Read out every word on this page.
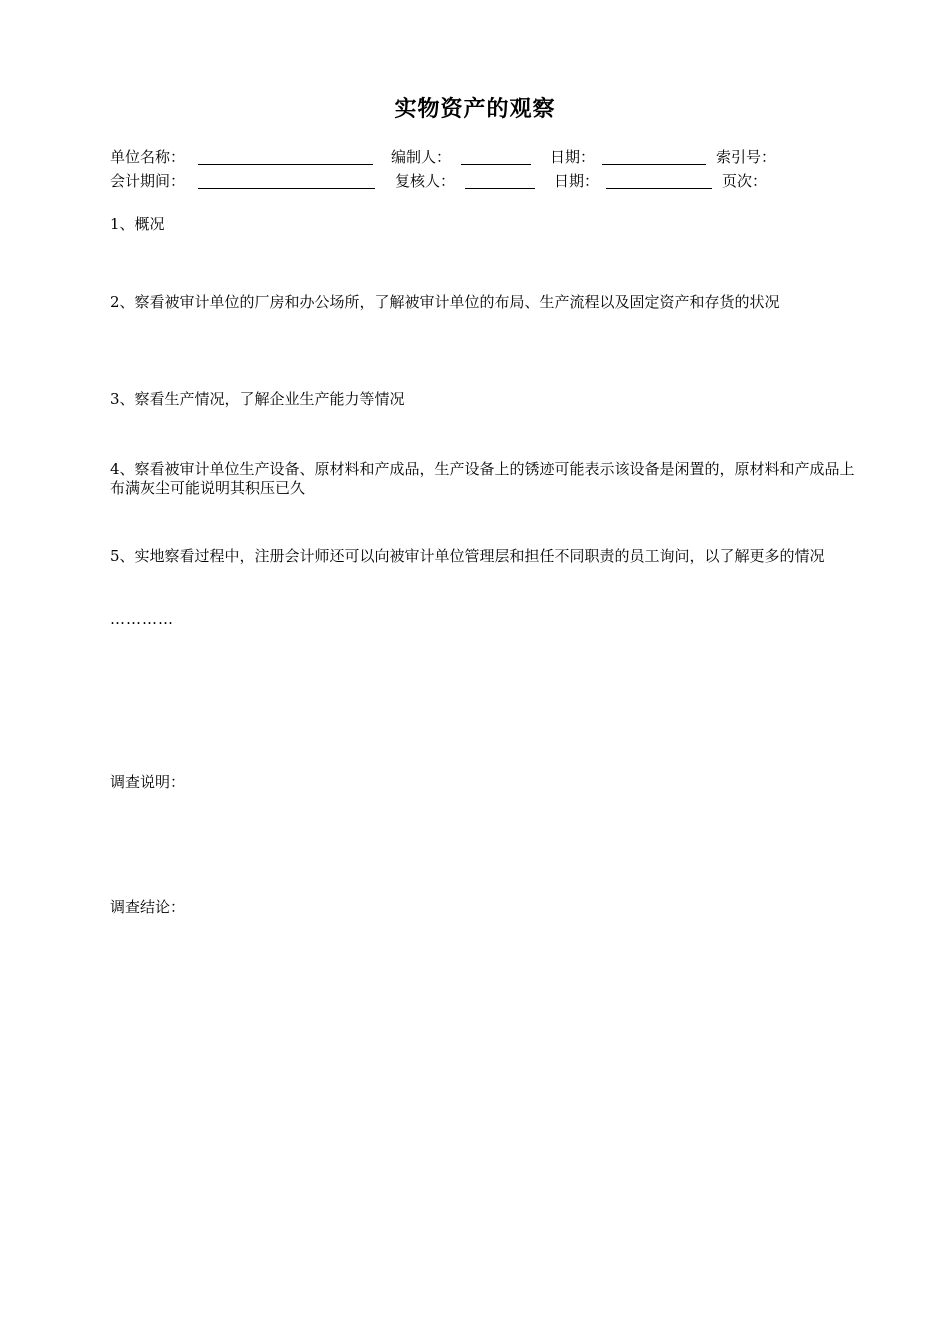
实物资产的观察
单位名称：	编制人：	日期：	索引号：
会计期间：	复核人：	日期：	页次：
1、概况
2、察看被审计单位的厂房和办公场所，了解被审计单位的布局、生产流程以及固定资产和存货的状况
3、察看生产情况，了解企业生产能力等情况
4、察看被审计单位生产设备、原材料和产成品，生产设备上的锈迹可能表示该设备是闲置的，原材料和产成品上布满灰尘可能说明其积压已久
5、实地察看过程中，注册会计师还可以向被审计单位管理层和担任不同职责的员工询问，以了解更多的情况
…………
调查说明：
调查结论：
